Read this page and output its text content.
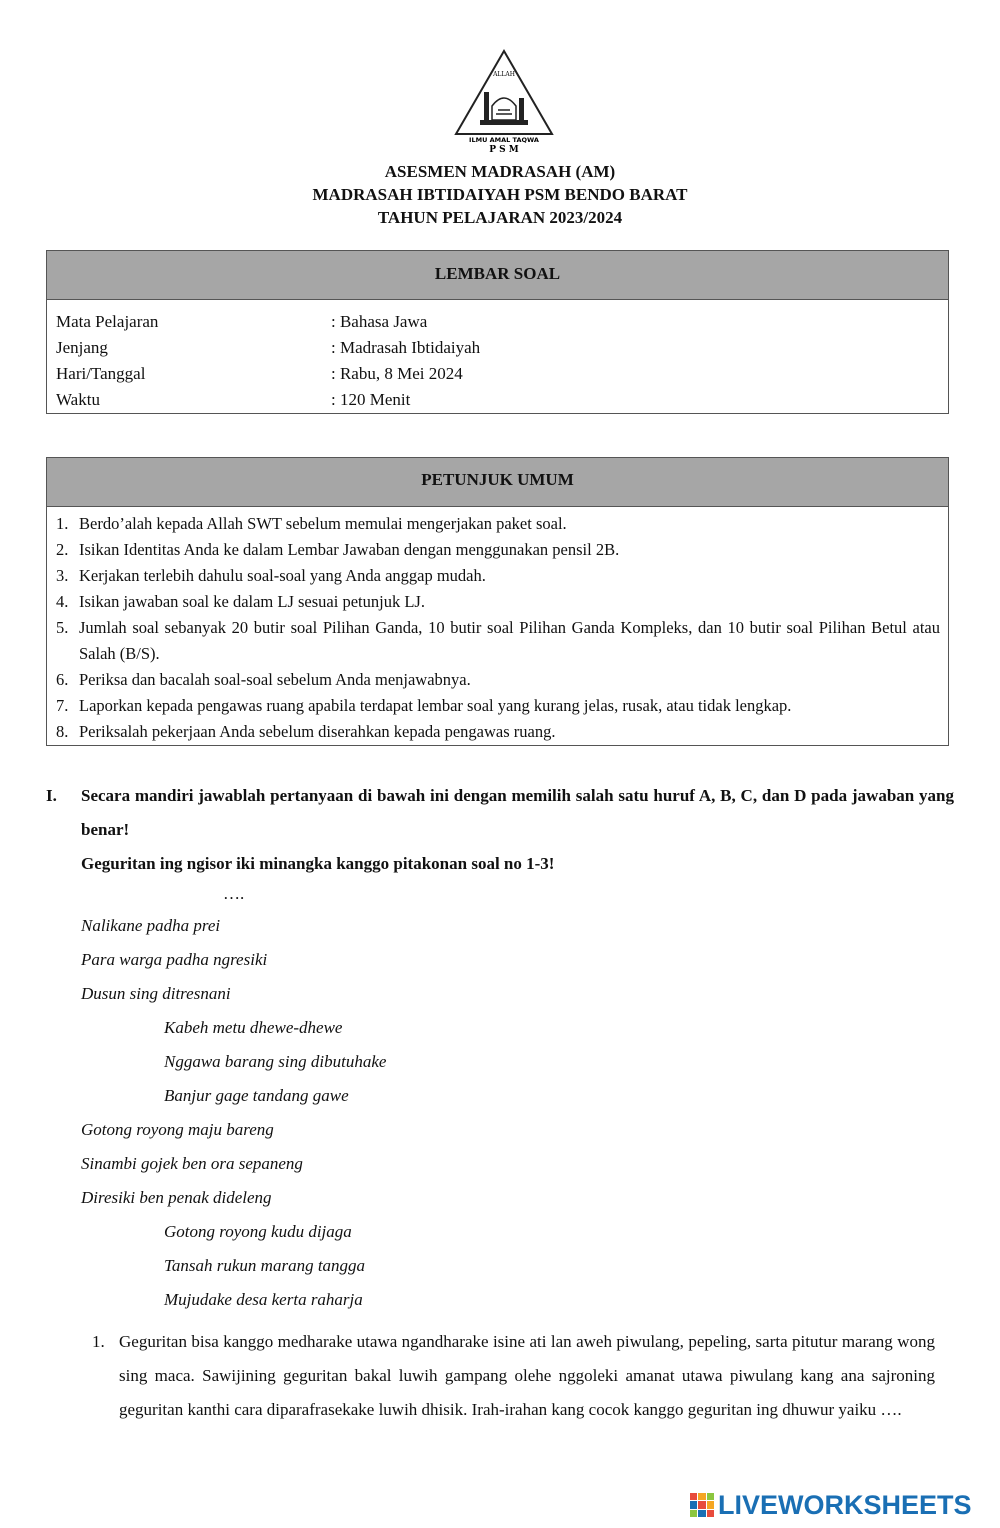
ALLAH
ILMU AMAL TAQWA
P S M
ASESMEN MADRASAH (AM)
MADRASAH IBTIDAIYAH PSM BENDO BARAT
TAHUN PELAJARAN 2023/2024
LEMBAR SOAL
Mata Pelajaran	: Bahasa Jawa
Jenjang	: Madrasah Ibtidaiyah
Hari/Tanggal	: Rabu, 8 Mei 2024
Waktu	: 120 Menit
PETUNJUK UMUM
1. Berdo’alah kepada Allah SWT sebelum memulai mengerjakan paket soal.
2. Isikan Identitas Anda ke dalam Lembar Jawaban dengan menggunakan pensil 2B.
3. Kerjakan terlebih dahulu soal-soal yang Anda anggap mudah.
4. Isikan jawaban soal ke dalam LJ sesuai petunjuk LJ.
5. Jumlah soal sebanyak 20 butir soal Pilihan Ganda, 10 butir soal Pilihan Ganda Kompleks, dan 10 butir soal Pilihan Betul atau Salah (B/S).
6. Periksa dan bacalah soal-soal sebelum Anda menjawabnya.
7. Laporkan kepada pengawas ruang apabila terdapat lembar soal yang kurang jelas, rusak, atau tidak lengkap.
8. Periksalah pekerjaan Anda sebelum diserahkan kepada pengawas ruang.
I. Secara mandiri jawablah pertanyaan di bawah ini dengan memilih salah satu huruf A, B, C, dan D pada jawaban yang benar!
Geguritan ing ngisor iki minangka kanggo pitakonan soal no 1-3!
….
Nalikane padha prei
Para warga padha ngresiki
Dusun sing ditresnani
Kabeh metu dhewe-dhewe
Nggawa barang sing dibutuhake
Banjur gage tandang gawe
Gotong royong maju bareng
Sinambi gojek ben ora sepaneng
Diresiki ben penak dideleng
Gotong royong kudu dijaga
Tansah rukun marang tangga
Mujudake desa kerta raharja
1. Geguritan bisa kanggo medharake utawa ngandharake isine ati lan aweh piwulang, pepeling, sarta pitutur marang wong sing maca. Sawijining geguritan bakal luwih gampang olehe nggoleki amanat utawa piwulang kang ana sajroning geguritan kanthi cara diparafrasekake luwih dhisik. Irah-irahan kang cocok kanggo geguritan ing dhuwur yaiku ….
LIVEWORKSHEETS
